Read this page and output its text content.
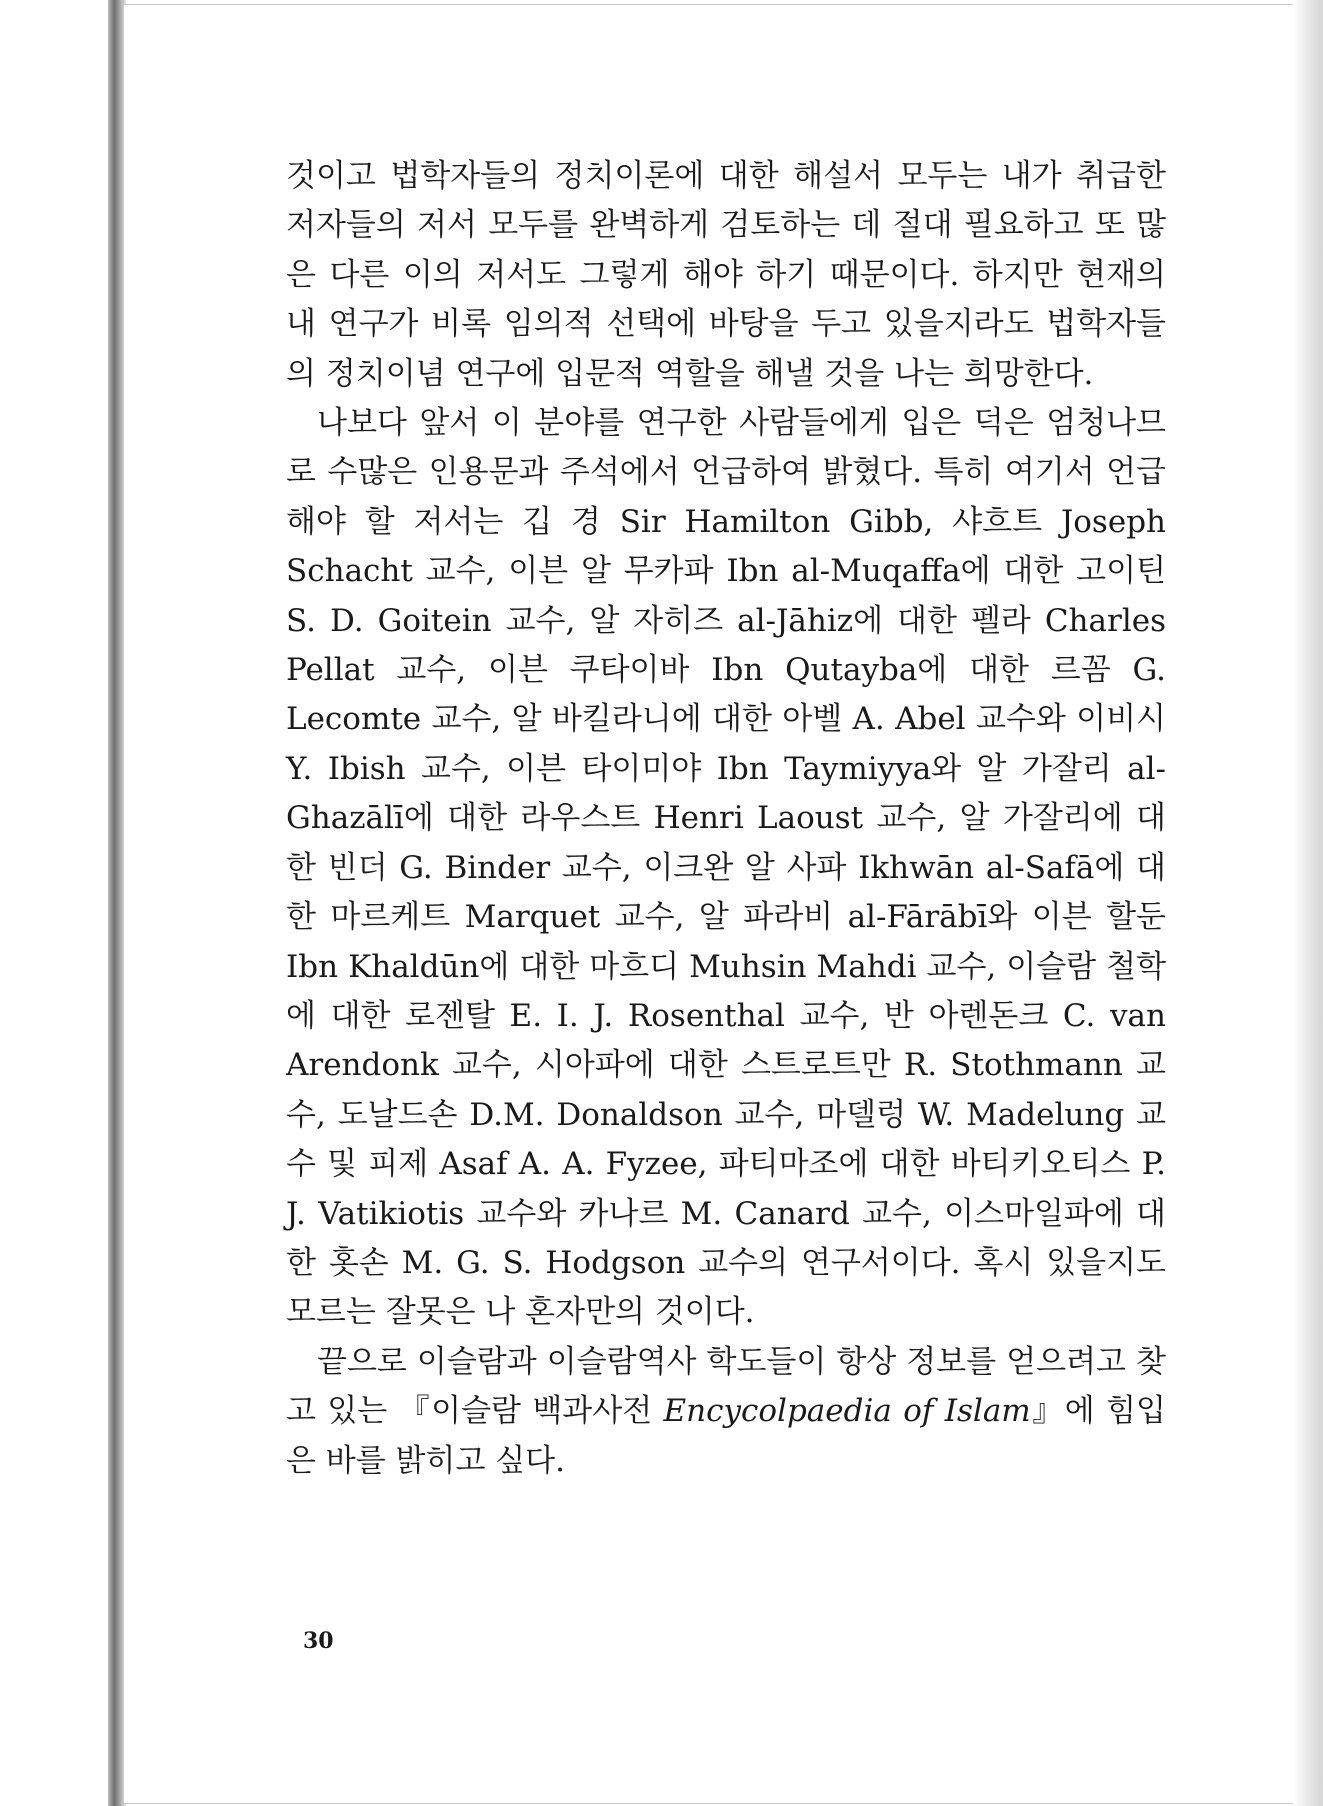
것이고 법학자들의 정치이론에 대한 해설서 모두는 내가 취급한 저자들의 저서 모두를 완벽하게 검토하는 데 절대 필요하고 또 많은 다른 이의 저서도 그렇게 해야 하기 때문이다. 하지만 현재의 내 연구가 비록 임의적 선택에 바탕을 두고 있을지라도 법학자들의 정치이념 연구에 입문적 역할을 해낼 것을 나는 희망한다.

나보다 앞서 이 분야를 연구한 사람들에게 입은 덕은 엄청나므로 수많은 인용문과 주석에서 언급하여 밝혔다. 특히 여기서 언급해야 할 저서는 깁 경 Sir Hamilton Gibb, 샤흐트 Joseph Schacht 교수, 이븐 알 무카파 Ibn al-Muqaffa에 대한 고이틴 S. D. Goitein 교수, 알 자히즈 al-Jāhiz에 대한 펠라 Charles Pellat 교수, 이븐 쿠타이바 Ibn Qutayba에 대한 르꼼 G. Lecomte 교수, 알 바킬라니에 대한 아벨 A. Abel 교수와 이비시 Y. Ibish 교수, 이븐 타이미야 Ibn Taymiyya와 알 가잘리 al-Ghazālī에 대한 라우스트 Henri Laoust 교수, 알 가잘리에 대한 빈더 G. Binder 교수, 이크완 알 사파 Ikhwān al-Safā에 대한 마르케트 Marquet 교수, 알 파라비 al-Fārābī와 이븐 할둔 Ibn Khaldūn에 대한 마흐디 Muhsin Mahdi 교수, 이슬람 철학에 대한 로젠탈 E. I. J. Rosenthal 교수, 반 아렌돈크 C. van Arendonk 교수, 시아파에 대한 스트로트만 R. Stothmann 교수, 도날드손 D.M. Donaldson 교수, 마델렁 W. Madelung 교수 및 피제 Asaf A. A. Fyzee, 파티마조에 대한 바티키오티스 P. J. Vatikiotis 교수와 카나르 M. Canard 교수, 이스마일파에 대한 홋손 M. G. S. Hodgson 교수의 연구서이다. 혹시 있을지도 모르는 잘못은 나 혼자만의 것이다.

끝으로 이슬람과 이슬람역사 학도들이 항상 정보를 얻으려고 찾고 있는 『이슬람 백과사전 Encycolpaedia of Islam』에 힘입은 바를 밝히고 싶다.

30
